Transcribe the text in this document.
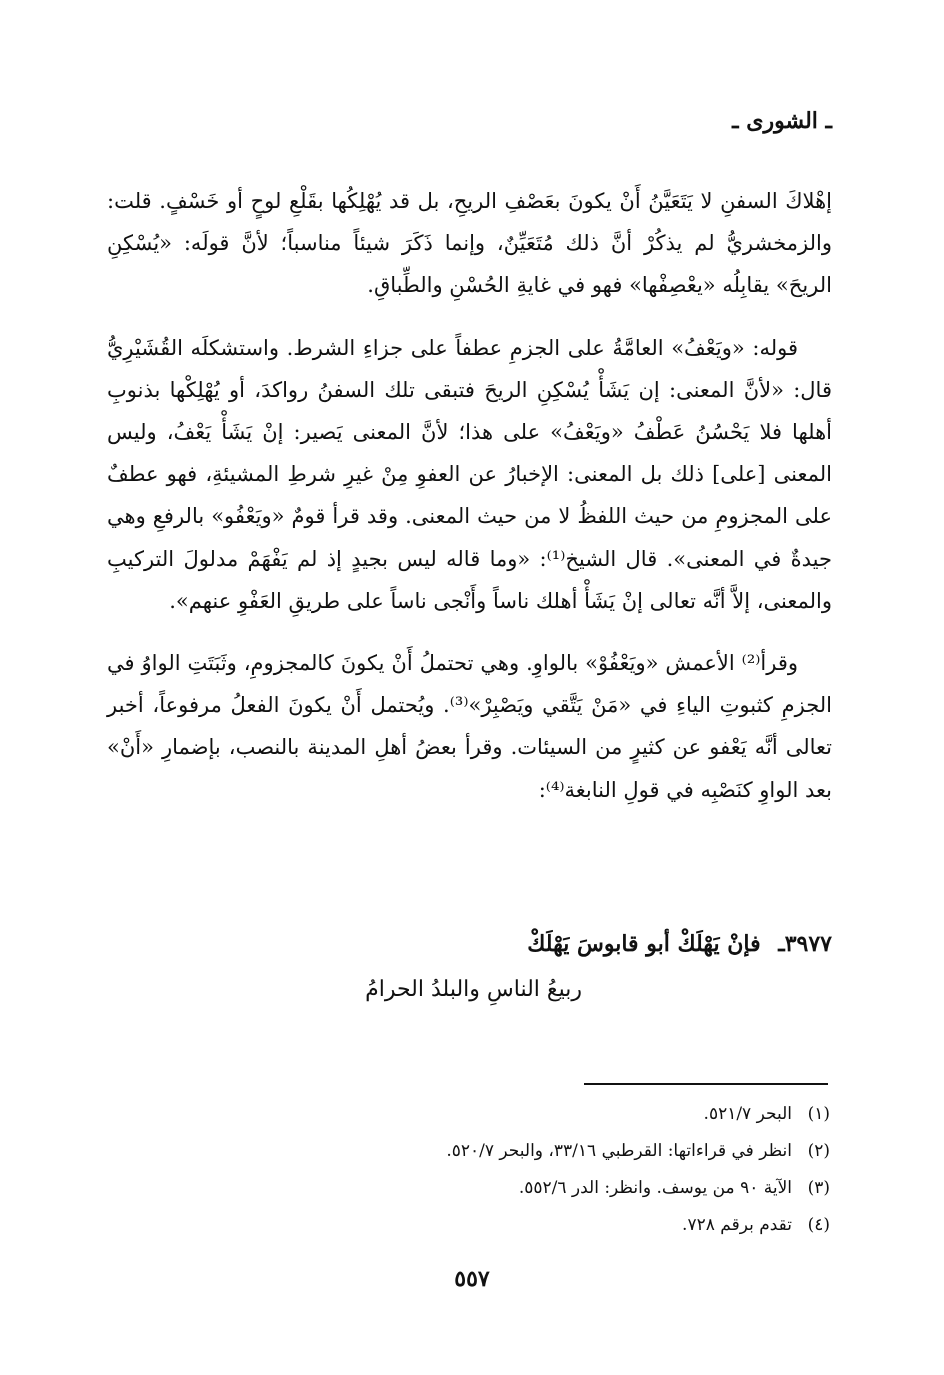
ـ الشورى ـ

إهْلاكَ السفنِ لا يَتَعَيَّنُ أَنْ يكونَ بعَصْفِ الريحِ، بل قد يُهْلِكُها بقَلْعِ لوحٍ أو خَسْفٍ. قلت: والزمخشريُّ لم يذكُرْ أنَّ ذلك مُتَعَيِّنٌ، وإنما ذَكَرَ شيئاً مناسباً؛ لأنَّ قولَه: «يُسْكِنِ الريحَ» يقابِلُه «يعْصِفْها» فهو في غايةِ الحُسْنِ والطِّباقِ.

قوله: «ويَعْفُ» العامَّةُ على الجزمِ عطفاً على جزاءِ الشرط. واستشكلَه القُشَيْرِيُّ قال: «لأنَّ المعنى: إن يَشَأْ يُسْكِنِ الريحَ فتبقى تلك السفنُ رواكدَ، أو يُهْلِكْها بذنوبِ أهلها فلا يَحْسُنُ عَطْفُ «ويَعْفُ» على هذا؛ لأنَّ المعنى يَصير: إنْ يَشَأْ يَعْفُ، وليس المعنى [على] ذلك بل المعنى: الإخبارُ عن العفوِ مِنْ غيرِ شرطِ المشيئةِ، فهو عطفٌ على المجزومِ من حيث اللفظُ لا من حيث المعنى. وقد قرأ قومٌ «ويَعْفُو» بالرفعِ وهي جيدةٌ في المعنى». قال الشيخ⁽¹⁾: «وما قاله ليس بجيدٍ إذ لم يَفْهَمْ مدلولَ التركيبِ والمعنى، إلاَّ أنَّه تعالى إنْ يَشَأْ أهلك ناساً وأَنْجى ناساً على طريقِ العَفْوِ عنهم».

وقرأ⁽²⁾ الأعمش «ويَعْفُوْ» بالواوِ. وهي تحتملُ أَنْ يكونَ كالمجزومِ، وثَبَتَتِ الواوُ في الجزمِ كثبوتِ الياءِ في «مَنْ يَتَّقي ويَصْبِرْ»⁽³⁾. ويُحتمل أَنْ يكونَ الفعلُ مرفوعاً، أخبر تعالى أنَّه يَعْفو عن كثيرٍ من السيئات. وقرأ بعضُ أهلِ المدينة بالنصب، بإضمارِ «أَنْ» بعد الواوِ كنَصْبِه في قولِ النابغة⁽⁴⁾:

٣٩٧٧ـ فإنْ يَهْلَكْ أبو قابوسَ يَهْلَكْ
ربيعُ الناسِ والبلدُ الحرامُ
(١)
البحر ٥٢١/٧.
(٢)
انظر في قراءاتها: القرطبي ٣٣/١٦، والبحر ٥٢٠/٧.
(٣)
الآية ٩٠ من يوسف. وانظر: الدر ٥٥٢/٦.
(٤)
تقدم برقم ٧٢٨.
٥٥٧
